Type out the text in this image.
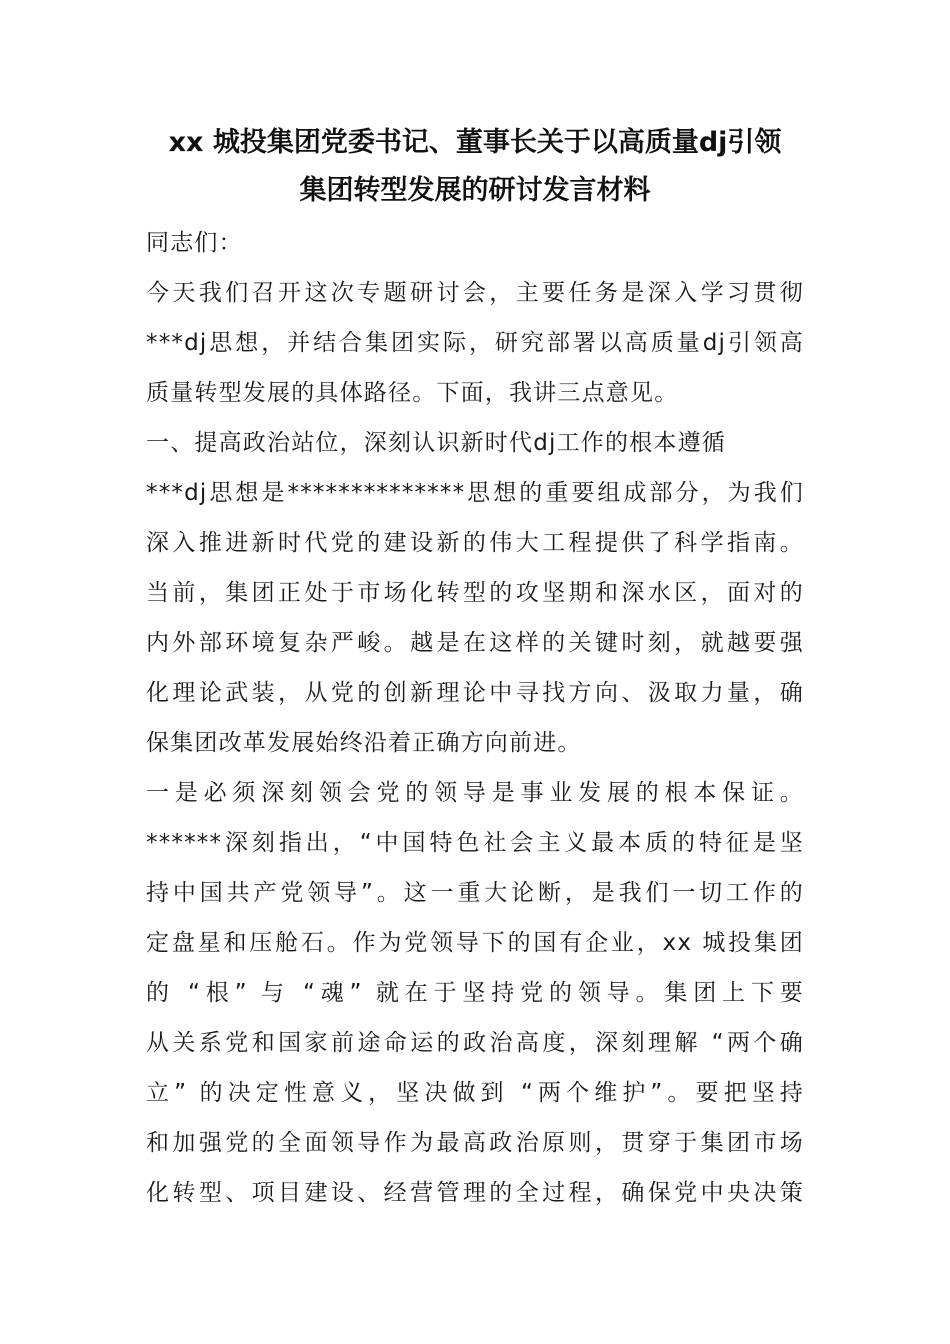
xx 城投集团党委书记、董事长关于以高质量dj引领
集团转型发展的研讨发言材料
同志们：
今天我们召开这次专题研讨会，主要任务是深入学习贯彻
***dj思想，并结合集团实际，研究部署以高质量dj引领高
质量转型发展的具体路径。下面，我讲三点意见。
一、提高政治站位，深刻认识新时代dj工作的根本遵循
***dj思想是**************思想的重要组成部分，为我们
深入推进新时代党的建设新的伟大工程提供了科学指南。
当前，集团正处于市场化转型的攻坚期和深水区，面对的
内外部环境复杂严峻。越是在这样的关键时刻，就越要强
化理论武装，从党的创新理论中寻找方向、汲取力量，确
保集团改革发展始终沿着正确方向前进。
一是必须深刻领会党的领导是事业发展的根本保证。
******深刻指出，“中国特色社会主义最本质的特征是坚
持中国共产党领导”。这一重大论断，是我们一切工作的
定盘星和压舱石。作为党领导下的国有企业，xx 城投集团
的 “根” 与 “魂” 就在于坚持党的领导。集团上下要
从关系党和国家前途命运的政治高度，深刻理解 “两个确
立” 的决定性意义，坚决做到 “两个维护”。要把坚持
和加强党的全面领导作为最高政治原则，贯穿于集团市场
化转型、项目建设、经营管理的全过程，确保党中央决策
